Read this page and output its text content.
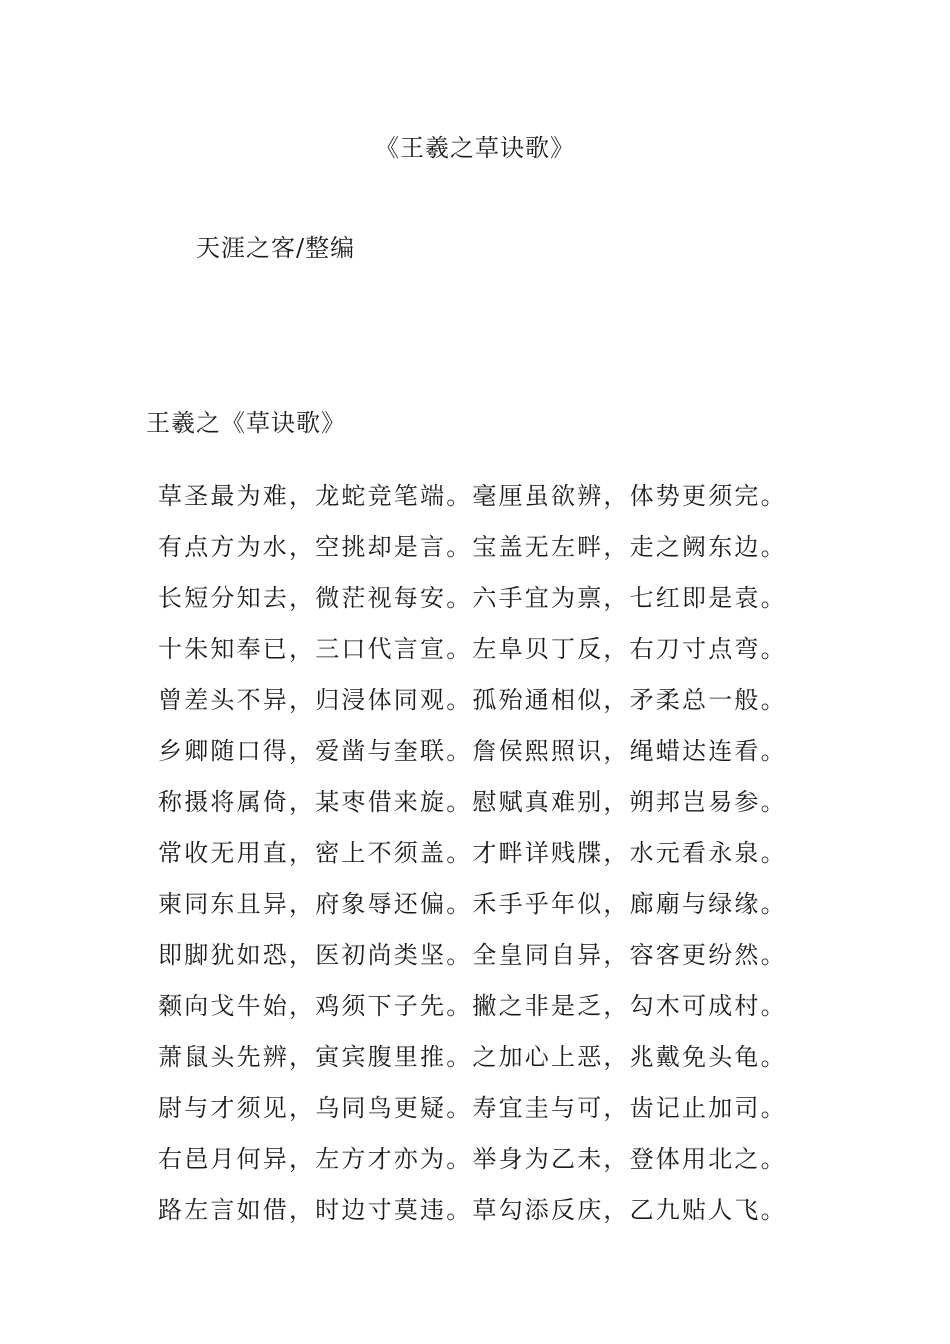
《王羲之草诀歌》
天涯之客/整编
王羲之《草诀歌》
草圣最为难，龙蛇竞笔端。毫厘虽欲辨，体势更须完。
有点方为水，空挑却是言。宝盖无左畔，走之阙东边。
长短分知去，微茫视每安。六手宜为禀，七红即是袁。
十朱知奉已，三口代言宣。左阜贝丁反，右刀寸点弯。
曾差头不异，归浸体同观。孤殆通相似，矛柔总一般。
乡卿随口得，爱凿与奎联。詹侯熙照识，绳蜡达连看。
称摄将属倚，某枣借来旋。慰赋真难别，朔邦岂易参。
常收无用直，密上不须盖。才畔详贱牒，水元看永泉。
柬同东且异，府象辱还偏。禾手乎年似，廊廟与绿缘。
即脚犹如恐，医初尚类坚。全皇同自异，容客更纷然。
颡向戈牛始，鸡须下子先。撇之非是乏，勾木可成村。
萧鼠头先辨，寅宾腹里推。之加心上恶，兆戴免头龟。
尉与才须见，乌同鸟更疑。寿宜圭与可，齿记止加司。
右邑月何异，左方才亦为。举身为乙未，登体用北之。
路左言如借，时边寸莫违。草勾添反庆，乙九贴人飞。
